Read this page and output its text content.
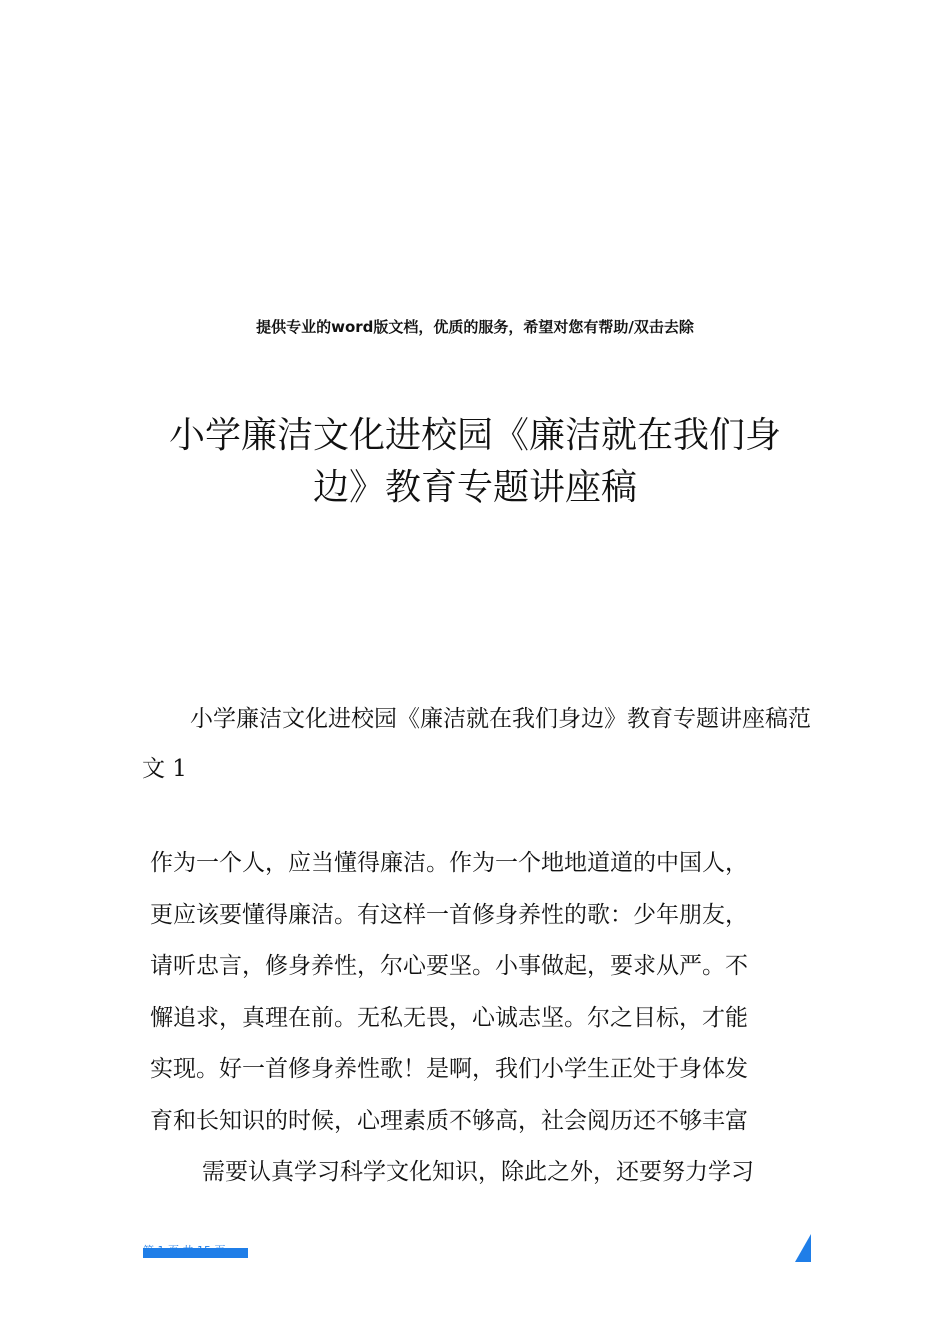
提供专业的word版文档，优质的服务，希望对您有帮助/双击去除
小学廉洁文化进校园《廉洁就在我们身
边》教育专题讲座稿
小学廉洁文化进校园《廉洁就在我们身边》教育专题讲座稿范文 1
作为一个人，应当懂得廉洁。作为一个地地道道的中国人，
更应该要懂得廉洁。有这样一首修身养性的歌：少年朋友，
请听忠言，修身养性，尔心要坚。小事做起，要求从严。不
懈追求，真理在前。无私无畏，心诚志坚。尔之目标，才能
实现。好一首修身养性歌！是啊，我们小学生正处于身体发
育和长知识的时候，心理素质不够高，社会阅历还不够丰富
需要认真学习科学文化知识，除此之外，还要努力学习
第 1 页 共 15 页
